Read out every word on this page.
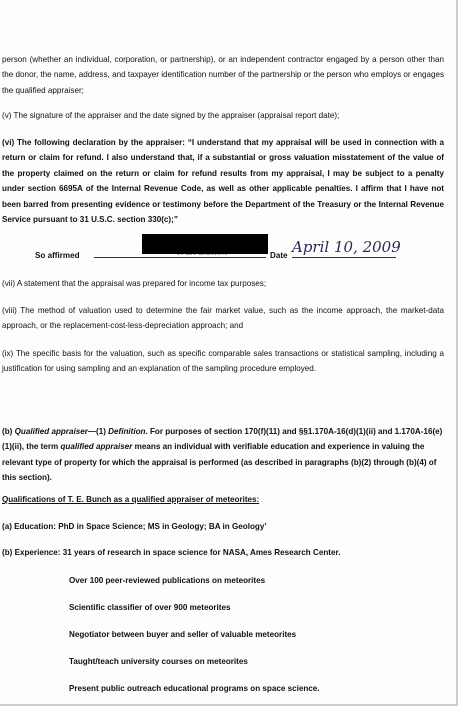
person (whether an individual, corporation, or partnership), or an independent contractor engaged by a person other than the donor, the name, address, and taxpayer identification number of the partnership or the person who employs or engages the qualified appraiser;
(v) The signature of the appraiser and the date signed by the appraiser (appraisal report date);
(vi) The following declaration by the appraiser: “I understand that my appraisal will be used in connection with a return or claim for refund. I also understand that, if a substantial or gross valuation misstatement of the value of the property claimed on the return or claim for refund results from my appraisal, I may be subject to a penalty under section 6695A of the Internal Revenue Code, as well as other applicable penalties. I affirm that I have not been barred from presenting evidence or testimony before the Department of the Treasury or the Internal Revenue Service pursuant to 31 U.S.C. section 330(c);”
So affirmed	Date April 10, 2009
(vii) A statement that the appraisal was prepared for income tax purposes;
(viii) The method of valuation used to determine the fair market value, such as the income approach, the market-data approach, or the replacement-cost-less-depreciation approach; and
(ix) The specific basis for the valuation, such as specific comparable sales transactions or statistical sampling, including a justification for using sampling and an explanation of the sampling procedure employed.
(b) Qualified appraiser—(1) Definition. For purposes of section 170(f)(11) and §§1.170A-16(d)(1)(ii) and 1.170A-16(e)(1)(ii), the term qualified appraiser means an individual with verifiable education and experience in valuing the relevant type of property for which the appraisal is performed (as described in paragraphs (b)(2) through (b)(4) of this section).
Qualifications of T. E. Bunch as a qualified appraiser of meteorites:
(a) Education: PhD in Space Science; MS in Geology; BA in Geology’
(b) Experience: 31 years of research in space science for NASA, Ames Research Center.
Over 100 peer-reviewed publications on meteorites
Scientific classifier of over 900 meteorites
Negotiator between buyer and seller of valuable meteorites
Taught/teach university courses on meteorites
Present public outreach educational programs on space science.
